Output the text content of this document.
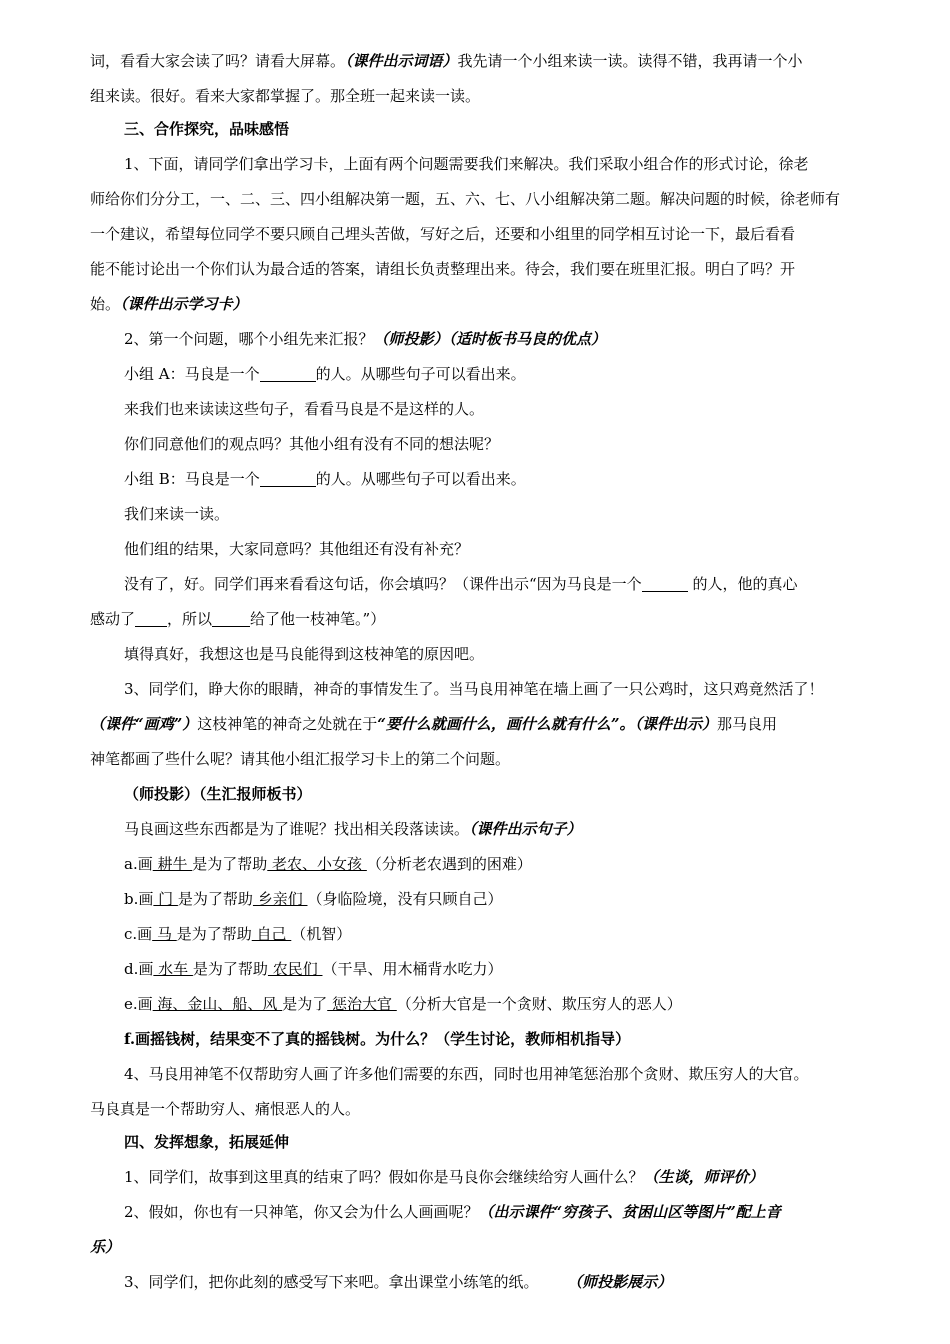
词，看看大家会读了吗？请看大屏幕。（课件出示词语）我先请一个小组来读一读。读得不错，我再请一个小
组来读。很好。看来大家都掌握了。那全班一起来读一读。
三、合作探究，品味感悟
1、下面，请同学们拿出学习卡，上面有两个问题需要我们来解决。我们采取小组合作的形式讨论，徐老
师给你们分分工，一、二、三、四小组解决第一题，五、六、七、八小组解决第二题。解决问题的时候，徐老师有
一个建议，希望每位同学不要只顾自己埋头苦做，写好之后，还要和小组里的同学相互讨论一下，最后看看
能不能讨论出一个你们认为最合适的答案，请组长负责整理出来。待会，我们要在班里汇报。明白了吗？开
始。（课件出示学习卡）
2、第一个问题，哪个小组先来汇报？（师投影）（适时板书马良的优点）
小组 A：马良是一个	的人。从哪些句子可以看出来。
来我们也来读读这些句子，看看马良是不是这样的人。
你们同意他们的观点吗？其他小组有没有不同的想法呢？
小组 B：马良是一个	的人。从哪些句子可以看出来。
我们来读一读。
他们组的结果，大家同意吗？其他组还有没有补充？
没有了，好。同学们再来看看这句话，你会填吗？（课件出示“因为马良是一个	的人，他的真心
感动了 ，所以	给了他一枝神笔。”）
填得真好，我想这也是马良能得到这枝神笔的原因吧。
3、同学们，睁大你的眼睛，神奇的事情发生了。当马良用神笔在墙上画了一只公鸡时，这只鸡竟然活了！
（课件“画鸡”）这枝神笔的神奇之处就在于“要什么就画什么，画什么就有什么”。（课件出示）那马良用
神笔都画了些什么呢？请其他小组汇报学习卡上的第二个问题。
（师投影）（生汇报师板书）
马良画这些东西都是为了谁呢？找出相关段落读读。（课件出示句子）
a.画 耕牛 是为了帮助 老农、小女孩 （分析老农遇到的困难）
b.画 门 是为了帮助 乡亲们 （身临险境，没有只顾自己）
c.画 马 是为了帮助 自己 （机智）
d.画 水车 是为了帮助 农民们 （干旱、用木桶背水吃力）
e.画 海、金山、船、风 是为了 惩治大官 （分析大官是一个贪财、欺压穷人的恶人）
f.画摇钱树，结果变不了真的摇钱树。为什么？（学生讨论，教师相机指导）
4、马良用神笔不仅帮助穷人画了许多他们需要的东西，同时也用神笔惩治那个贪财、欺压穷人的大官。
马良真是一个帮助穷人、痛恨恶人的人。
四、发挥想象，拓展延伸
1、同学们，故事到这里真的结束了吗？假如你是马良你会继续给穷人画什么？（生谈，师评价）
2、假如，你也有一只神笔，你又会为什么人画画呢？（出示课件“穷孩子、贫困山区等图片”配上音
乐）
3、同学们，把你此刻的感受写下来吧。拿出课堂小练笔的纸。 （师投影展示）
